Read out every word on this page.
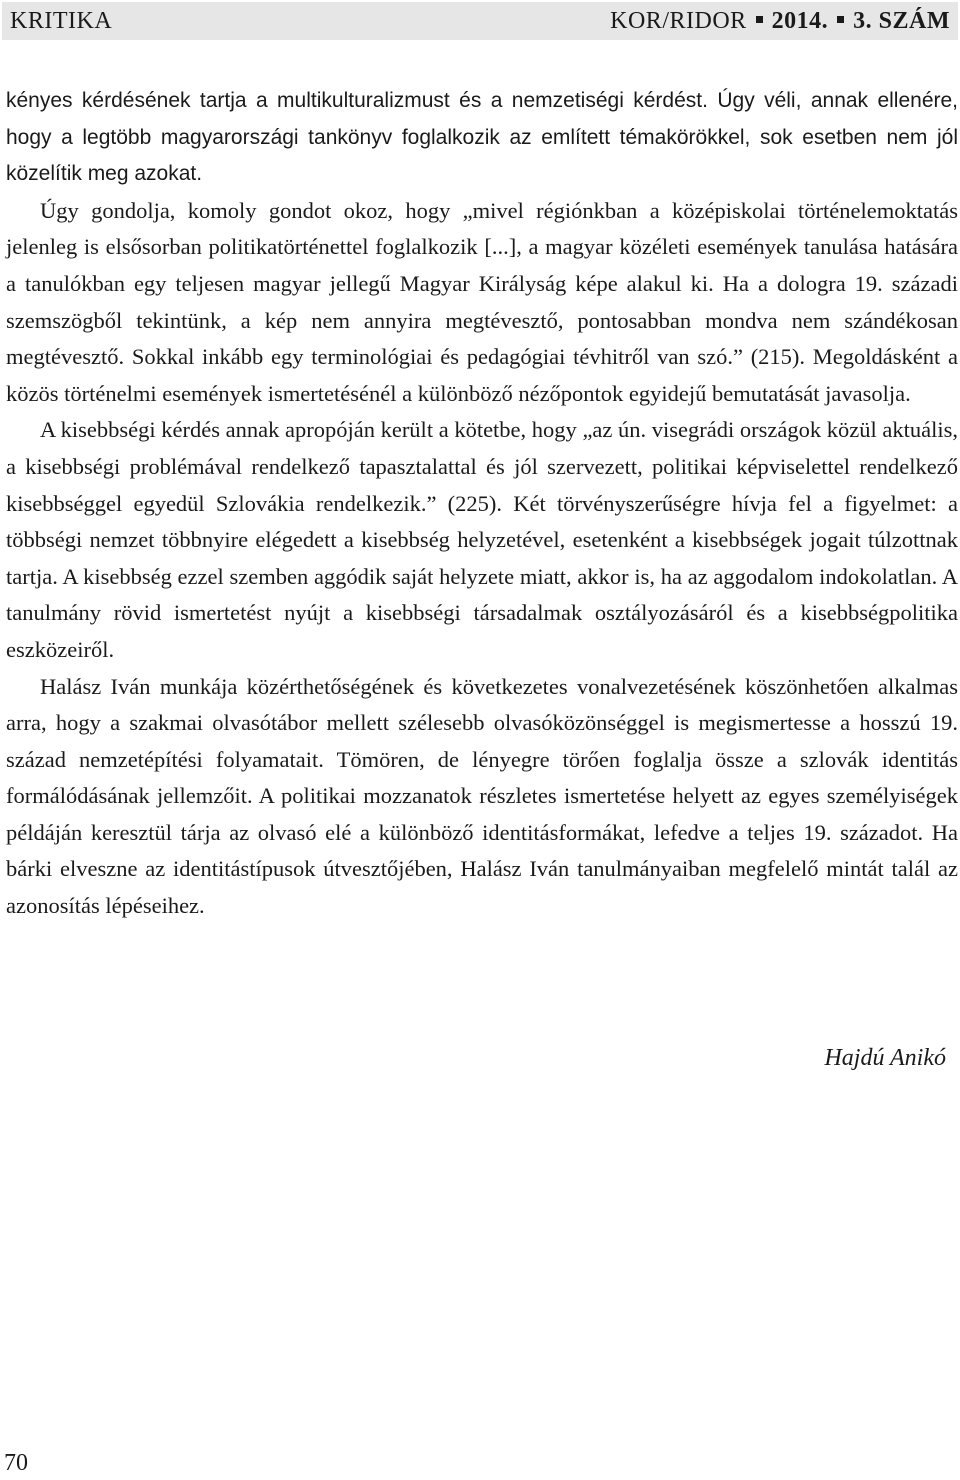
KRITIKA	KOR/RIDOR 2014. 3. SZÁM

kényes kérdésének tartja a multikulturalizmust és a nemzetiségi kérdést. Úgy véli, annak ellenére, hogy a legtöbb magyarországi tankönyv foglalkozik az említett témakörökkel, sok esetben nem jól közelítik meg azokat.

Úgy gondolja, komoly gondot okoz, hogy „mivel régiónkban a középiskolai történelemoktatás jelenleg is elsősorban politikatörténettel foglalkozik [...], a magyar közéleti események tanulása hatására a tanulókban egy teljesen magyar jellegű Magyar Királyság képe alakul ki. Ha a dologra 19. századi szemszögből tekintünk, a kép nem annyira megtévesztő, pontosabban mondva nem szándékosan megtévesztő. Sokkal inkább egy terminológiai és pedagógiai tévhitről van szó.” (215). Megoldásként a közös történelmi események ismertetésénél a különböző nézőpontok egyidejű bemutatását javasolja.

A kisebbségi kérdés annak apropóján került a kötetbe, hogy „az ún. visegrádi országok közül aktuális, a kisebbségi problémával rendelkező tapasztalattal és jól szervezett, politikai képviselettel rendelkező kisebbséggel egyedül Szlovákia rendelkezik.” (225). Két törvényszerűségre hívja fel a figyelmet: a többségi nemzet többnyire elégedett a kisebbség helyzetével, esetenként a kisebbségek jogait túlzottnak tartja. A kisebbség ezzel szemben aggódik saját helyzete miatt, akkor is, ha az aggodalom indokolatlan. A tanulmány rövid ismertetést nyújt a kisebbségi társadalmak osztályozásáról és a kisebbségpolitika eszközeiről.

Halász Iván munkája közérthetőségének és következetes vonalvezetésének köszönhetően alkalmas arra, hogy a szakmai olvasótábor mellett szélesebb olvasóközönséggel is megismertesse a hosszú 19. század nemzetépítési folyamatait. Tömören, de lényegre törően foglalja össze a szlovák identitás formálódásának jellemzőit. A politikai mozzanatok részletes ismertetése helyett az egyes személyiségek példáján keresztül tárja az olvasó elé a különböző identitásformákat, lefedve a teljes 19. századot. Ha bárki elveszne az identitástípusok útvesztőjében, Halász Iván tanulmányaiban megfelelő mintát talál az azonosítás lépéseihez.

Hajdú Anikó
70
